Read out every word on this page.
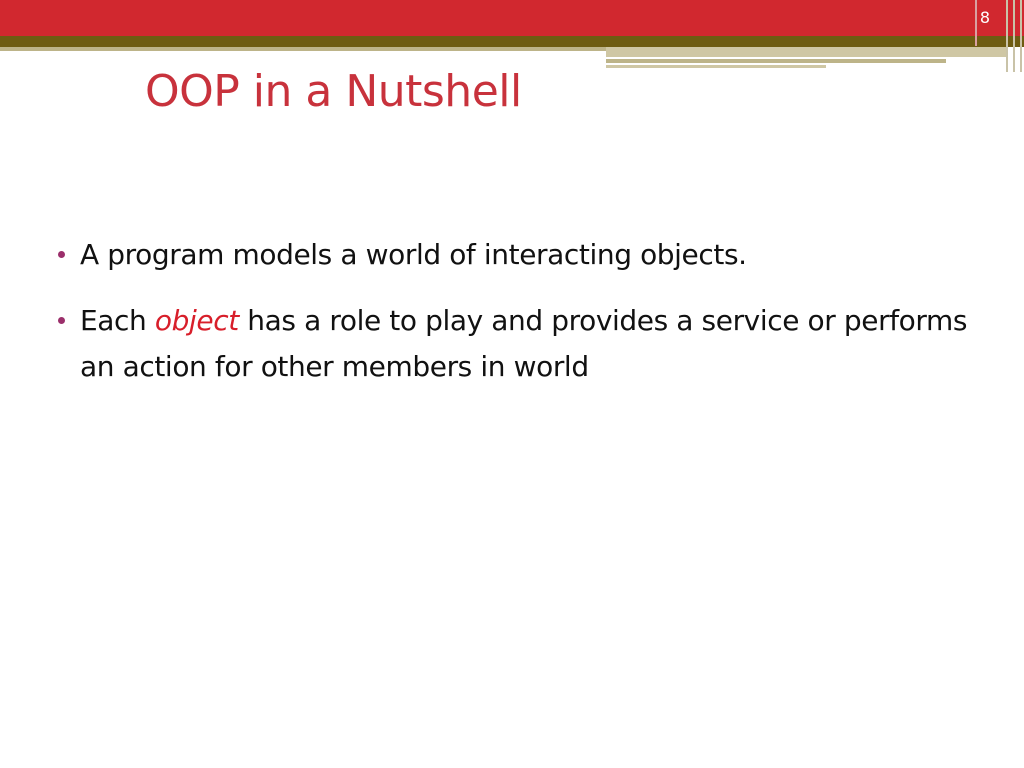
8
OOP in a Nutshell
A program models a world of interacting objects.
Each object has a role to play and provides a service or performs an action for other members in world
